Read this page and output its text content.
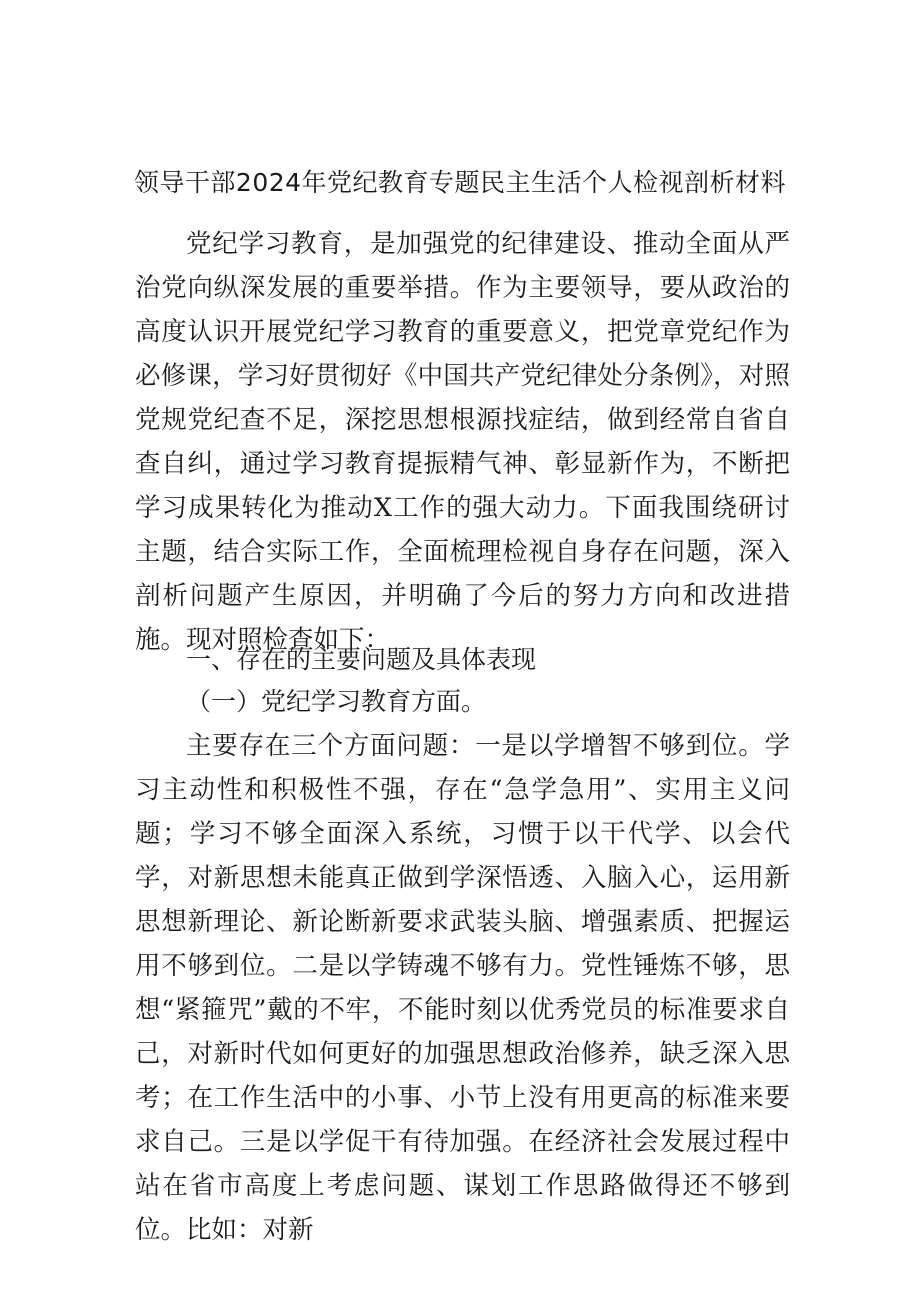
领导干部2024年党纪教育专题民主生活个人检视剖析材料

党纪学习教育，是加强党的纪律建设、推动全面从严治党向纵深发展的重要举措。作为主要领导，要从政治的高度认识开展党纪学习教育的重要意义，把党章党纪作为必修课，学习好贯彻好《中国共产党纪律处分条例》，对照党规党纪查不足，深挖思想根源找症结，做到经常自省自查自纠，通过学习教育提振精气神、彰显新作为，不断把学习成果转化为推动X工作的强大动力。下面我围绕研讨主题，结合实际工作，全面梳理检视自身存在问题，深入剖析问题产生原因，并明确了今后的努力方向和改进措施。现对照检查如下：

一、存在的主要问题及具体表现

（一）党纪学习教育方面。

主要存在三个方面问题：一是以学增智不够到位。学习主动性和积极性不强，存在“急学急用”、实用主义问题；学习不够全面深入系统，习惯于以干代学、以会代学，对新思想未能真正做到学深悟透、入脑入心，运用新思想新理论、新论断新要求武装头脑、增强素质、把握运用不够到位。二是以学铸魂不够有力。党性锤炼不够，思想“紧箍咒”戴的不牢，不能时刻以优秀党员的标准要求自己，对新时代如何更好的加强思想政治修养，缺乏深入思考；在工作生活中的小事、小节上没有用更高的标准来要求自己。三是以学促干有待加强。在经济社会发展过程中站在省市高度上考虑问题、谋划工作思路做得还不够到位。比如：对新
